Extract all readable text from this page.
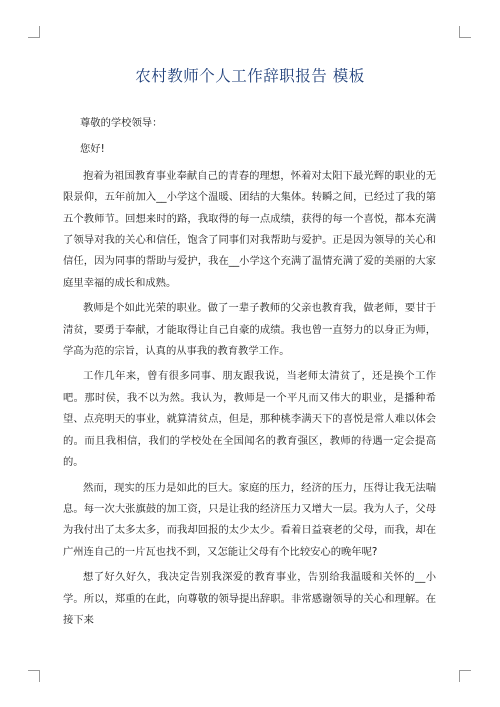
农村教师个人工作辞职报告 模板

尊敬的学校领导：

您好!

抱着为祖国教育事业奉献自己的青春的理想，怀着对太阳下最光辉的职业的无限景仰，五年前加入__小学这个温暖、团结的大集体。转瞬之间，已经过了我的第五个教师节。回想来时的路，我取得的每一点成绩，获得的每一个喜悦，都本充满了领导对我的关心和信任，饱含了同事们对我帮助与爱护。正是因为领导的关心和信任，因为同事的帮助与爱护，我在__小学这个充满了温情充满了爱的美丽的大家庭里幸福的成长和成熟。

教师是个如此光荣的职业。做了一辈子教师的父亲也教育我，做老师，要甘于清贫，要勇于奉献，才能取得让自己自豪的成绩。我也曾一直努力的以身正为师，学高为范的宗旨，认真的从事我的教育教学工作。

工作几年来，曾有很多同事、朋友跟我说，当老师太清贫了，还是换个工作吧。那时侯，我不以为然。我认为，教师是一个平凡而又伟大的职业，是播种希望、点亮明天的事业，就算清贫点，但是，那种桃李满天下的喜悦是常人难以体会的。而且我相信，我们的学校处在全国闻名的教育强区，教师的待遇一定会提高的。

然而，现实的压力是如此的巨大。家庭的压力，经济的压力，压得让我无法喘息。每一次大张旗鼓的加工资，只是让我的经济压力又增大一层。我为人子，父母为我付出了太多太多，而我却回报的太少太少。看着日益衰老的父母，而我，却在广州连自己的一片瓦也找不到，又怎能让父母有个比较安心的晚年呢?

想了好久好久，我决定告别我深爱的教育事业，告别给我温暖和关怀的__小学。所以，郑重的在此，向尊敬的领导提出辞职。非常感谢领导的关心和理解。在接下来
